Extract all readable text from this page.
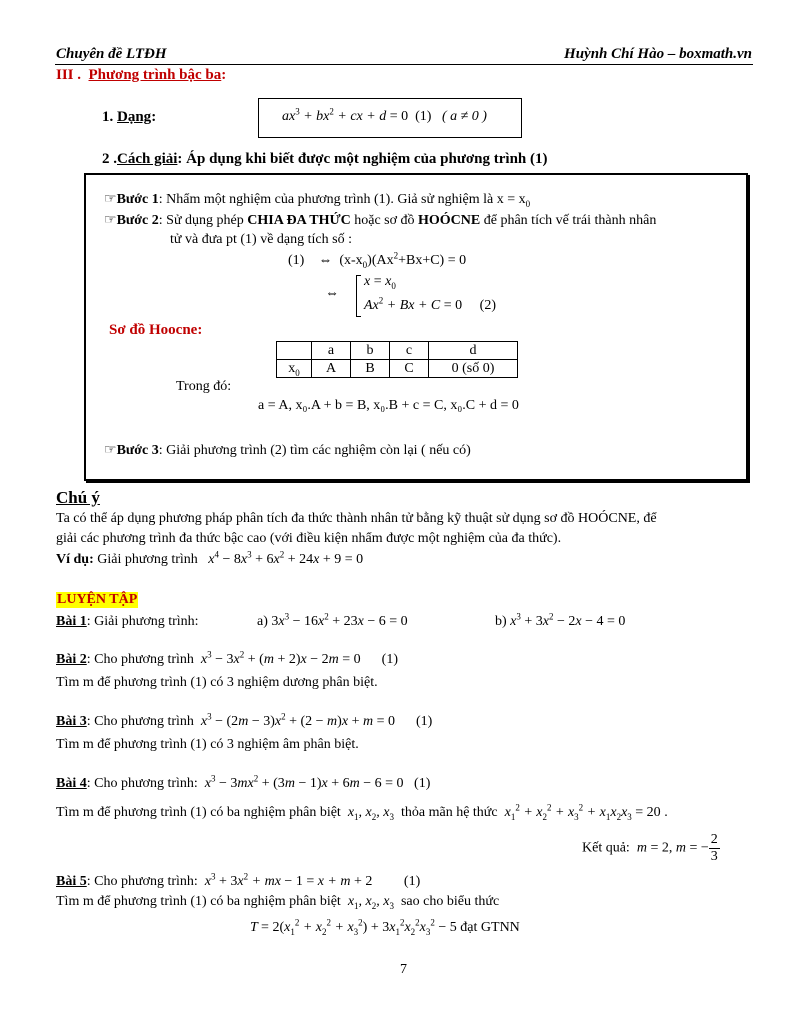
Chuyên đề LTĐH	Huỳnh Chí Hào – boxmath.vn
III . Phương trình bậc ba:
1. Dạng:	$ax^3 + bx^2$ + cx + d = 0 (1) ( a ≠ 0 )
2 .Cách giải: Áp dụng khi biết được một nghiệm của phương trình (1)
☞Bước 1: Nhẩm một nghiệm của phương trình (1). Giả sử nghiệm là $x = x_0$
☞Bước 2: Sử dụng phép CHIA ĐA THỨC hoặc sơ đồ HOÓCNE để phân tích vế trái thành nhân
tử và đưa pt (1) về dạng tích số :
(1) ⇔ $(x-x_0)(Ax^2+Bx+C) = 0$
⇔
$x = x_0$
$Ax^2 + Bx + C = 0$ (2)
Sơ đồ Hoocne:
	a	b	c	d
$x_0$	A	B	C	0 (số 0)
Trong đó:
a = A, x₀.A + b = B, x₀.B + c = C, x₀.C + d = 0
☞Bước 3: Giải phương trình (2) tìm các nghiệm còn lại ( nếu có)
Chú ý
Ta có thể áp dụng phương pháp phân tích đa thức thành nhân tử bằng kỹ thuật sử dụng sơ đồ HOÓCNE, để
giải các phương trình đa thức bậc cao (với điều kiện nhẩm được một nghiệm của đa thức).
Ví dụ: Giải phương trình $x^4 - 8x^3 + 6x^2 + 24x + 9 = 0$
LUYỆN TẬP
Bài 1: Giải phương trình:	a) $3x^3 - 16x^2 + 23x - 6 = 0$	b) $x^3 + 3x^2 - 2x - 4 = 0$
Bài 2: Cho phương trình $x^3 - 3x^2 + (m + 2)x - 2m = 0$ (1)
Tìm m để phương trình (1) có 3 nghiệm dương phân biệt.
Bài 3: Cho phương trình $x^3 - (2m - 3)x^2 + (2 - m)x + m = 0$ (1)
Tìm m để phương trình (1) có 3 nghiệm âm phân biệt.
Bài 4: Cho phương trình: $x^3 - 3mx^2 + (3m - 1)x + 6m - 6 = 0$ (1)
Tìm m để phương trình (1) có ba nghiệm phân biệt $x_1$, $x_2$, $x_3$ thỏa mãn hệ thức $x_1^2 + x_2^2 + x_3^2 + x_1x_2x_3 = 20$ .
Kết quả: m = 2, m = − $\frac{2}{3}$
Bài 5: Cho phương trình: $x^3 + 3x^2$ + mx − 1 = x + m + 2 (1)
Tìm m để phương trình (1) có ba nghiệm phân biệt $x_1$, $x_2$, $x_3$ sao cho biểu thức
$T = 2(x_1^2 + x_2^2 + x_3^2) + 3x_1^2x_2^2x_3^2 - 5$ đạt GTNN
7
